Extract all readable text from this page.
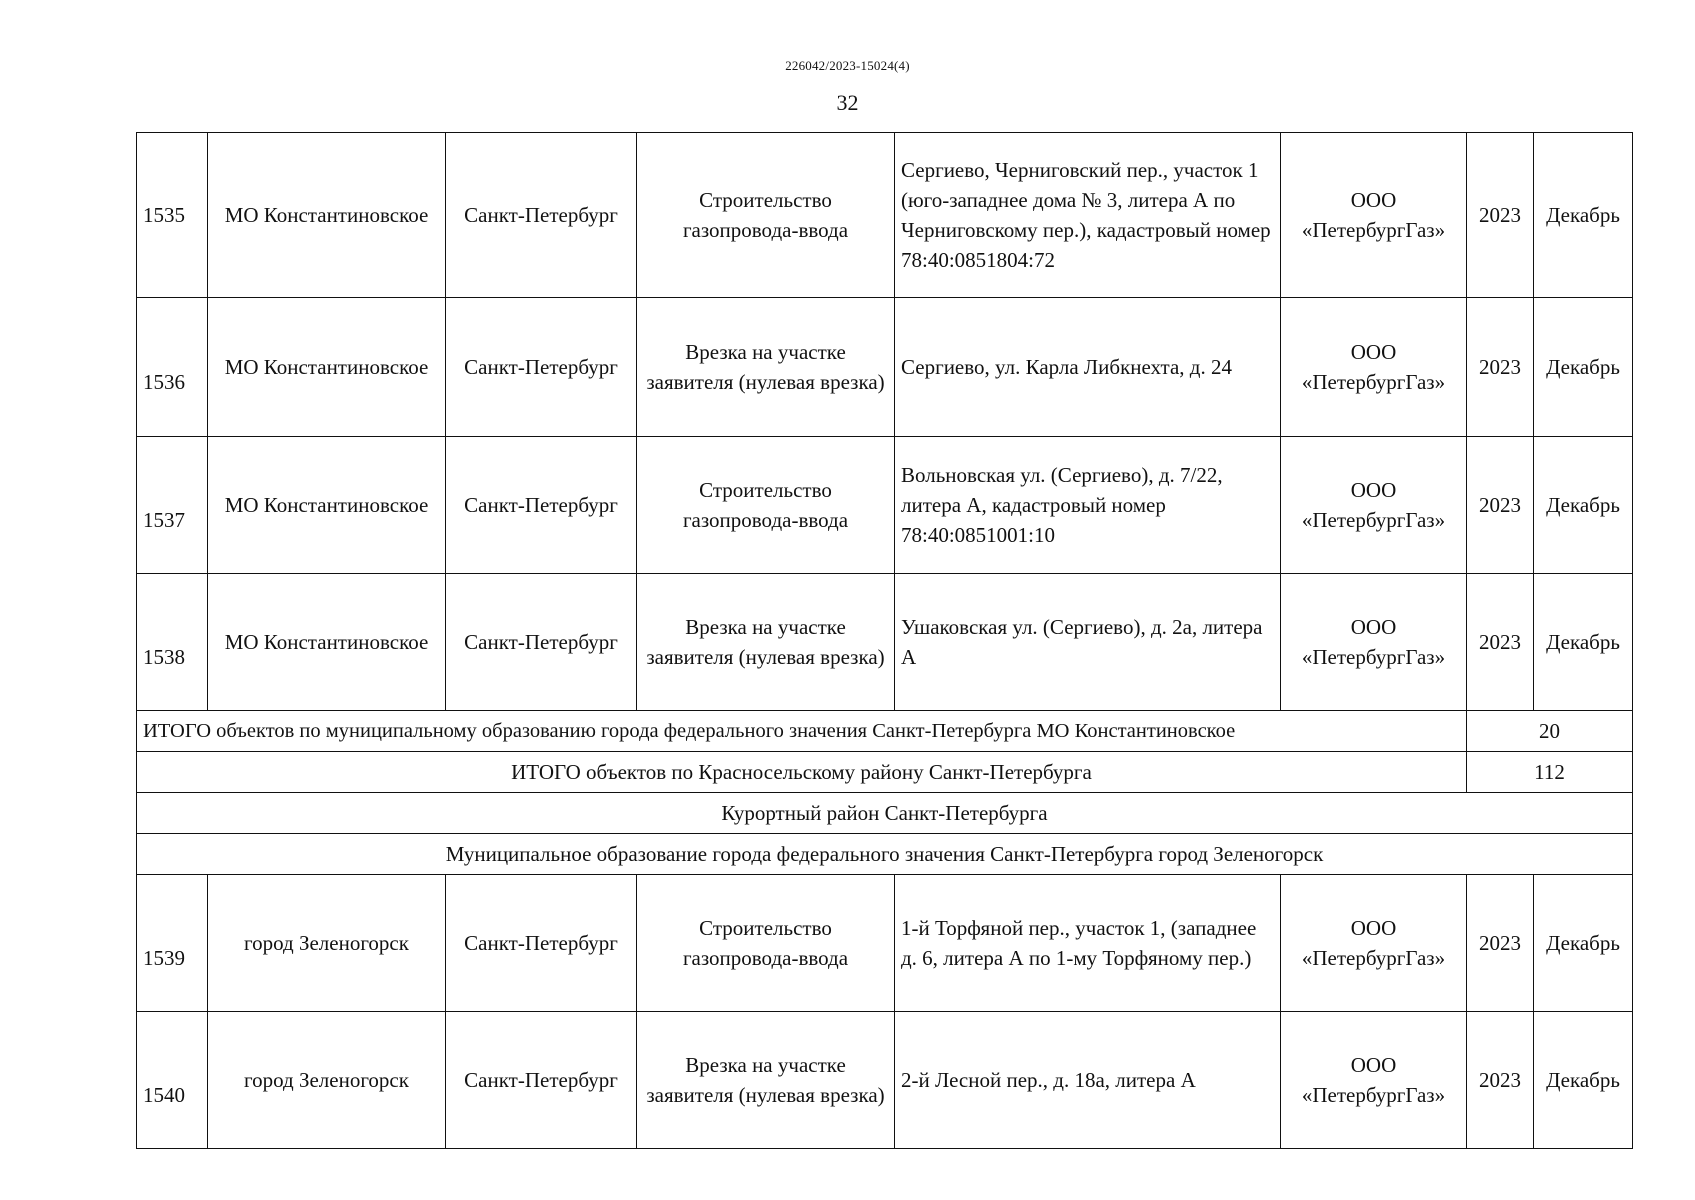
226042/2023-15024(4)
32
1535	МО Константиновское	Санкт-Петербург	Строительство газопровода-ввода	Сергиево, Черниговский пер., участок 1 (юго-западнее дома № 3, литера А по Черниговскому пер.), кадастровый номер 78:40:0851804:72	ООО «ПетербургГаз»	2023	Декабрь
1536	МО Константиновское	Санкт-Петербург	Врезка на участке заявителя (нулевая врезка)	Сергиево, ул. Карла Либкнехта, д. 24	ООО «ПетербургГаз»	2023	Декабрь
1537	МО Константиновское	Санкт-Петербург	Строительство газопровода-ввода	Вольновская ул. (Сергиево), д. 7/22, литера А, кадастровый номер 78:40:0851001:10	ООО «ПетербургГаз»	2023	Декабрь
1538	МО Константиновское	Санкт-Петербург	Врезка на участке заявителя (нулевая врезка)	Ушаковская ул. (Сергиево), д. 2а, литера А	ООО «ПетербургГаз»	2023	Декабрь
ИТОГО объектов по муниципальному образованию города федерального значения Санкт-Петербурга МО Константиновское						20	
ИТОГО объектов по Красносельскому району Санкт-Петербурга						112	
Курортный район Санкт-Петербурга							
Муниципальное образование города федерального значения Санкт-Петербурга город Зеленогорск							
1539	город Зеленогорск	Санкт-Петербург	Строительство газопровода-ввода	1-й Торфяной пер., участок 1, (западнее д. 6, литера А по 1-му Торфяному пер.)	ООО «ПетербургГаз»	2023	Декабрь
1540	город Зеленогорск	Санкт-Петербург	Врезка на участке заявителя (нулевая врезка)	2-й Лесной пер., д. 18а, литера А	ООО «ПетербургГаз»	2023	Декабрь
